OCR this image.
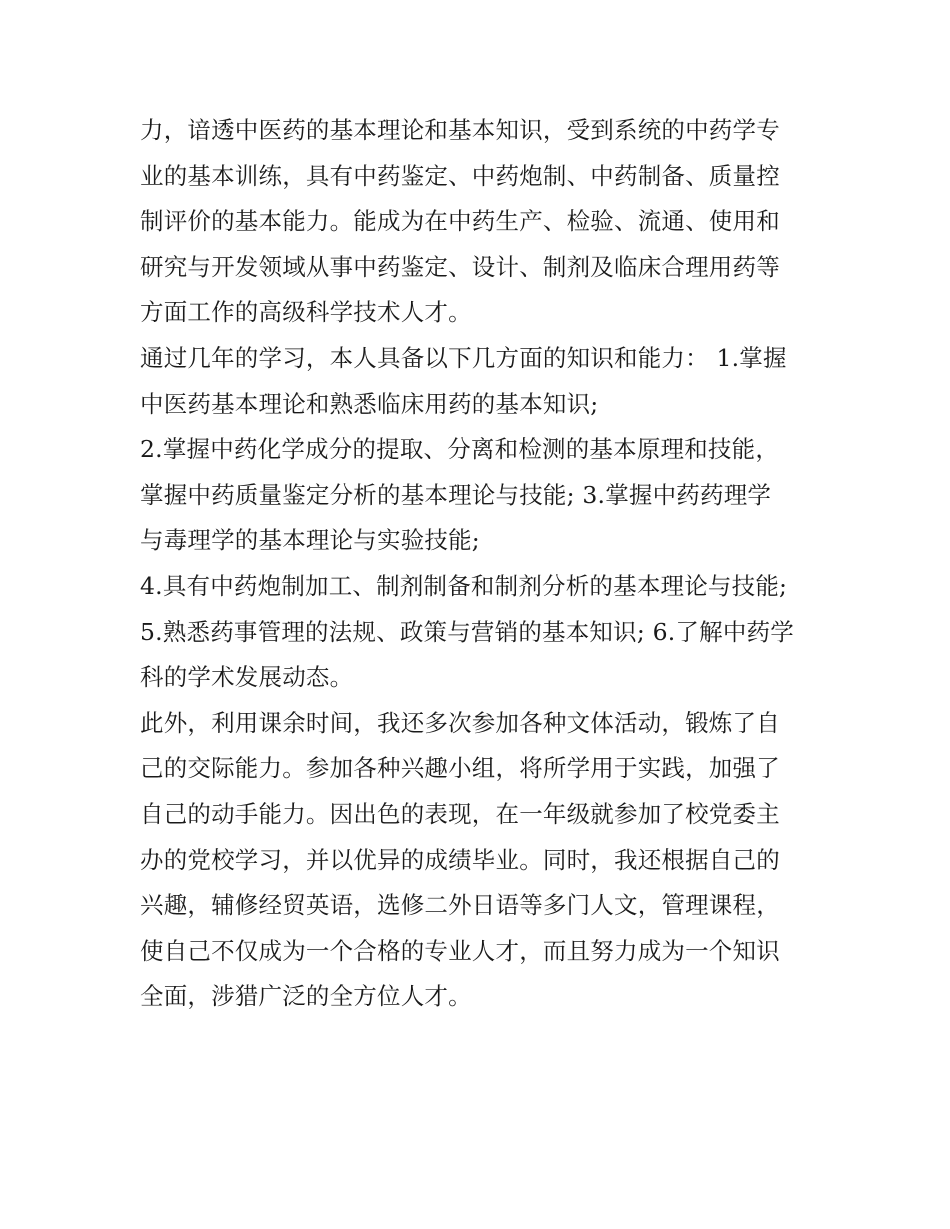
力，谙透中医药的基本理论和基本知识，受到系统的中药学专
业的基本训练，具有中药鉴定、中药炮制、中药制备、质量控
制评价的基本能力。能成为在中药生产、检验、流通、使用和
研究与开发领域从事中药鉴定、设计、制剂及临床合理用药等
方面工作的高级科学技术人才。
通过几年的学习，本人具备以下几方面的知识和能力： 1.掌握
中医药基本理论和熟悉临床用药的基本知识;
2.掌握中药化学成分的提取、分离和检测的基本原理和技能，
掌握中药质量鉴定分析的基本理论与技能; 3.掌握中药药理学
与毒理学的基本理论与实验技能;
4.具有中药炮制加工、制剂制备和制剂分析的基本理论与技能;
5.熟悉药事管理的法规、政策与营销的基本知识; 6.了解中药学
科的学术发展动态。
此外，利用课余时间，我还多次参加各种文体活动，锻炼了自
己的交际能力。参加各种兴趣小组，将所学用于实践，加强了
自己的动手能力。因出色的表现，在一年级就参加了校党委主
办的党校学习，并以优异的成绩毕业。同时，我还根据自己的
兴趣，辅修经贸英语，选修二外日语等多门人文，管理课程，
使自己不仅成为一个合格的专业人才，而且努力成为一个知识
全面，涉猎广泛的全方位人才。
